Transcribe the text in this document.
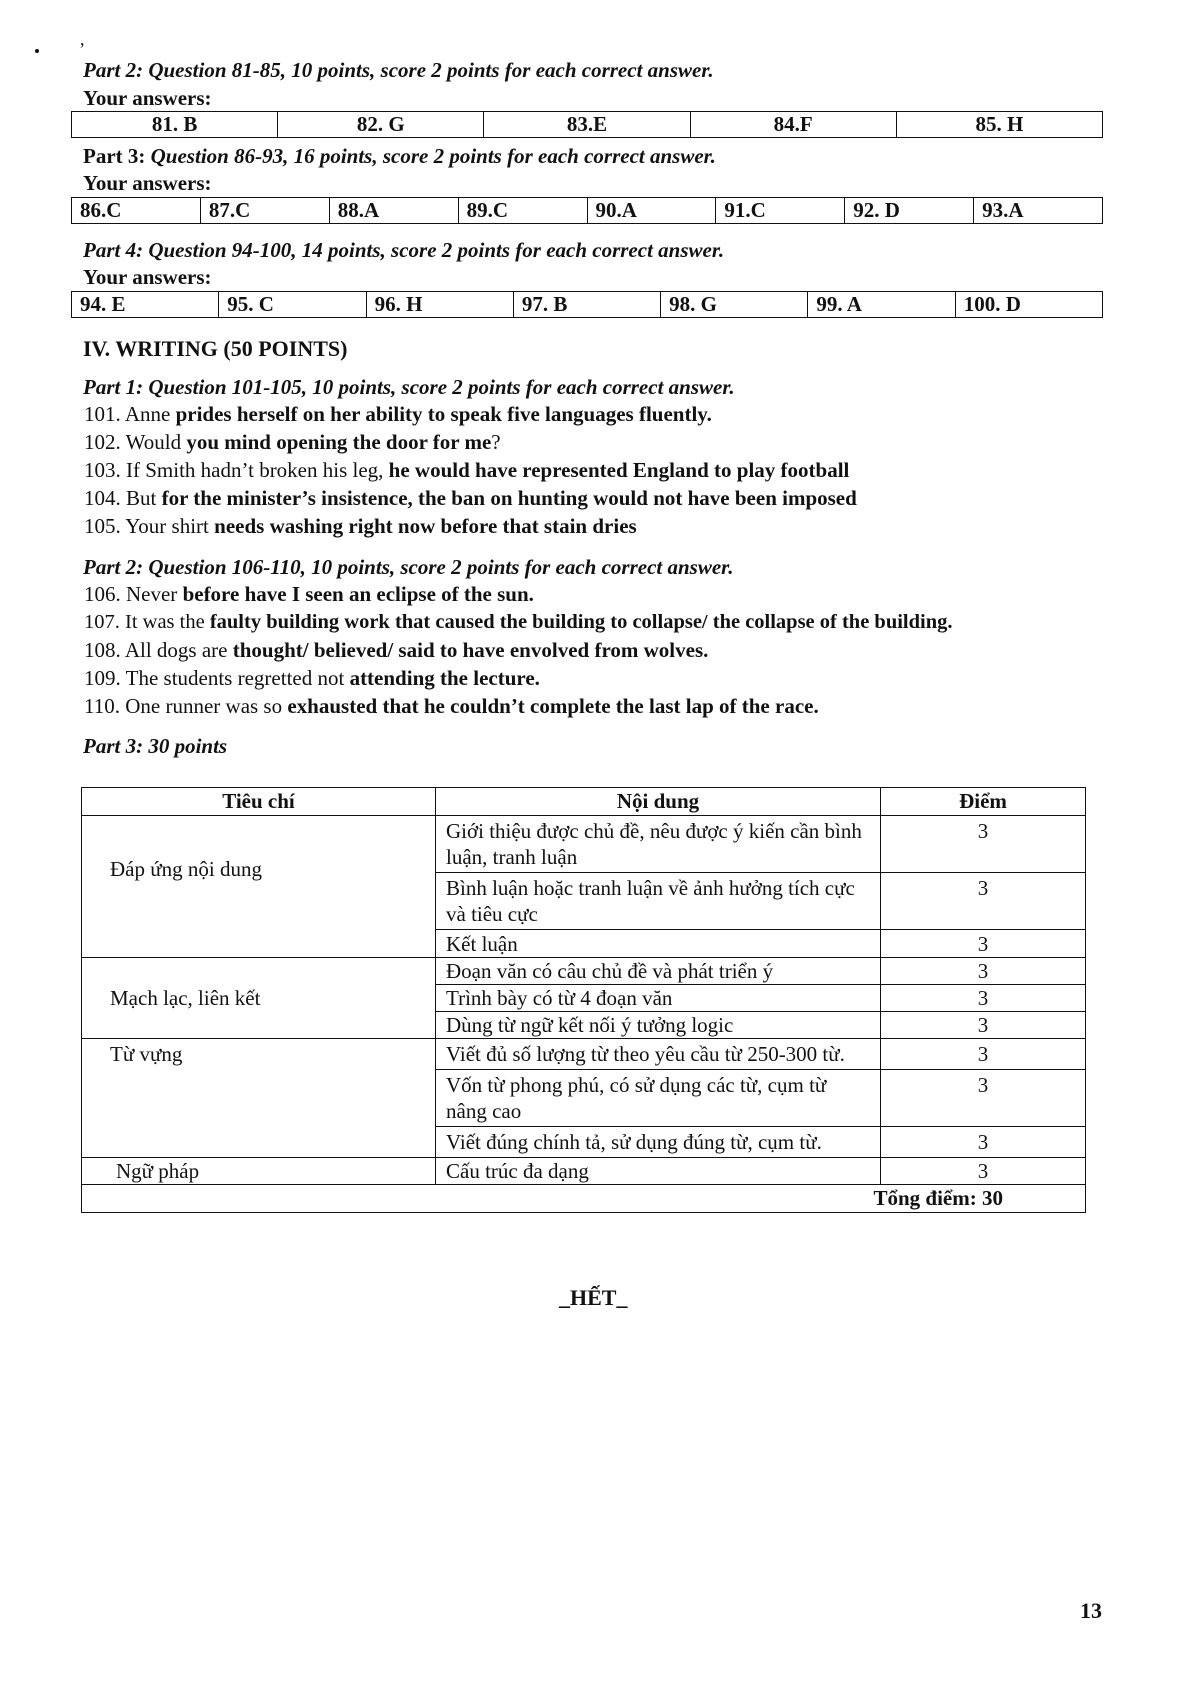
,
Part 2: Question 81-85, 10 points, score 2 points for each correct answer.
Your answers:
81. B	82. G	83.E	84.F	85. H
Part 3: Question 86-93, 16 points, score 2 points for each correct answer.
Your answers:
86.C	87.C	88.A	89.C	90.A	91.C	92. D	93.A
Part 4: Question 94-100, 14 points, score 2 points for each correct answer.
Your answers:
94. E	95. C	96. H	97. B	98. G	99. A	100. D
IV. WRITING (50 POINTS)
Part 1: Question 101-105, 10 points, score 2 points for each correct answer.
101. Anne prides herself on her ability to speak five languages fluently.
102. Would you mind opening the door for me?
103. If Smith hadn’t broken his leg, he would have represented England to play football
104. But for the minister’s insistence, the ban on hunting would not have been imposed
105. Your shirt needs washing right now before that stain dries
Part 2: Question 106-110, 10 points, score 2 points for each correct answer.
106. Never before have I seen an eclipse of the sun.
107. It was the faulty building work that caused the building to collapse/ the collapse of the building.
108. All dogs are thought/ believed/ said to have envolved from wolves.
109. The students regretted not attending the lecture.
110. One runner was so exhausted that he couldn’t complete the last lap of the race.
Part 3: 30 points
Tiêu chí	Nội dung	Điểm
Đáp ứng nội dung	Giới thiệu được chủ đề, nêu được ý kiến cần bình luận, tranh luận	3
	Bình luận hoặc tranh luận về ảnh hưởng tích cực và tiêu cực	3
	Kết luận	3
Mạch lạc, liên kết	Đoạn văn có câu chủ đề và phát triển ý	3
	Trình bày có từ 4 đoạn văn	3
	Dùng từ ngữ kết nối ý tưởng logic	3
Từ vựng	Viết đủ số lượng từ theo yêu cầu từ 250-300 từ.	3
	Vốn từ phong phú, có sử dụng các từ, cụm từ nâng cao	3
	Viết đúng chính tả, sử dụng đúng từ, cụm từ.	3
Ngữ pháp	Cấu trúc đa dạng	3
Tổng điểm: 30		
_HẾT_
13
